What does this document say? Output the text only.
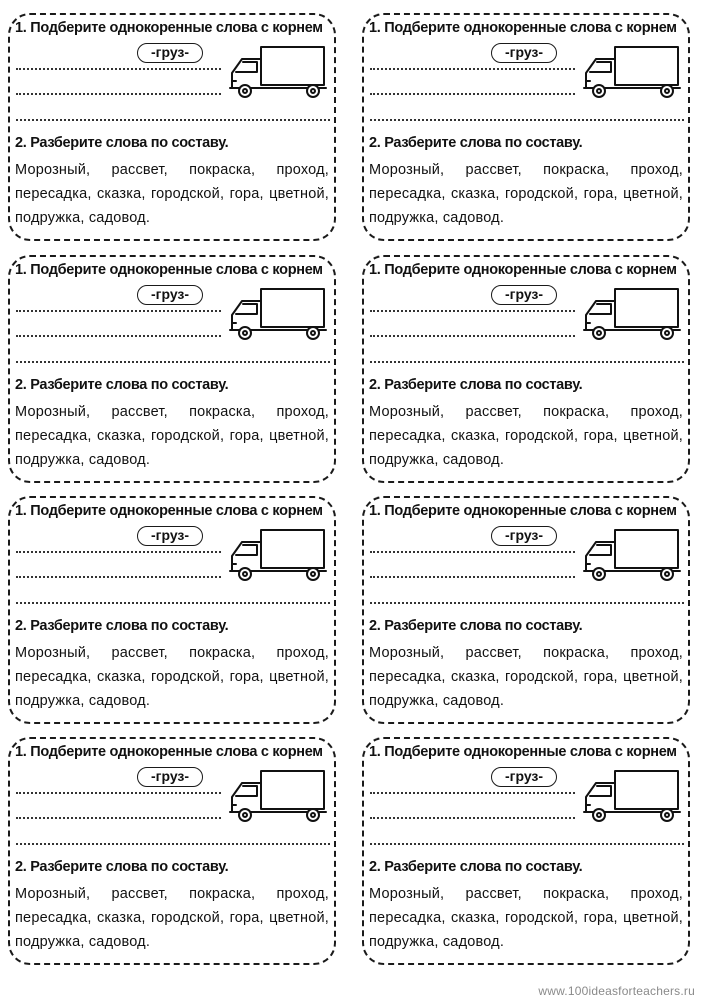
1. Подберите однокоренные слова с корнем
-груз-
2. Разберите слова по составу.
Морозный, рассвет, покраска, проход, пересадка, сказка, городской, гора, цветной, подружка, садовод.
1. Подберите однокоренные слова с корнем
-груз-
2. Разберите слова по составу.
Морозный, рассвет, покраска, проход, пересадка, сказка, городской, гора, цветной, подружка, садовод.
1. Подберите однокоренные слова с корнем
-груз-
2. Разберите слова по составу.
Морозный, рассвет, покраска, проход, пересадка, сказка, городской, гора, цветной, подружка, садовод.
1. Подберите однокоренные слова с корнем
-груз-
2. Разберите слова по составу.
Морозный, рассвет, покраска, проход, пересадка, сказка, городской, гора, цветной, подружка, садовод.
1. Подберите однокоренные слова с корнем
-груз-
2. Разберите слова по составу.
Морозный, рассвет, покраска, проход, пересадка, сказка, городской, гора, цветной, подружка, садовод.
1. Подберите однокоренные слова с корнем
-груз-
2. Разберите слова по составу.
Морозный, рассвет, покраска, проход, пересадка, сказка, городской, гора, цветной, подружка, садовод.
1. Подберите однокоренные слова с корнем
-груз-
2. Разберите слова по составу.
Морозный, рассвет, покраска, проход, пересадка, сказка, городской, гора, цветной, подружка, садовод.
1. Подберите однокоренные слова с корнем
-груз-
2. Разберите слова по составу.
Морозный, рассвет, покраска, проход, пересадка, сказка, городской, гора, цветной, подружка, садовод.
www.100ideasforteachers.ru
